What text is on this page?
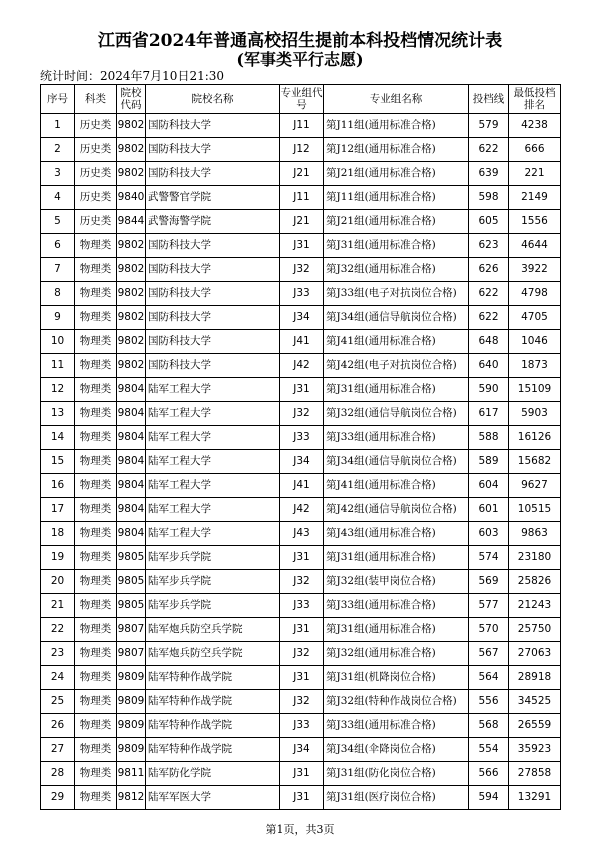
江西省2024年普通高校招生提前本科投档情况统计表
(军事类平行志愿)
统计时间：2024年7月10日21:30
序号	科类	院校代码	院校名称	专业组代号	专业组名称	投档线	最低投档排名
1	历史类	9802	国防科技大学	J11	第J11组(通用标准合格)	579	4238
2	历史类	9802	国防科技大学	J12	第J12组(通用标准合格)	622	666
3	历史类	9802	国防科技大学	J21	第J21组(通用标准合格)	639	221
4	历史类	9840	武警警官学院	J11	第J11组(通用标准合格)	598	2149
5	历史类	9844	武警海警学院	J21	第J21组(通用标准合格)	605	1556
6	物理类	9802	国防科技大学	J31	第J31组(通用标准合格)	623	4644
7	物理类	9802	国防科技大学	J32	第J32组(通用标准合格)	626	3922
8	物理类	9802	国防科技大学	J33	第J33组(电子对抗岗位合格)	622	4798
9	物理类	9802	国防科技大学	J34	第J34组(通信导航岗位合格)	622	4705
10	物理类	9802	国防科技大学	J41	第J41组(通用标准合格)	648	1046
11	物理类	9802	国防科技大学	J42	第J42组(电子对抗岗位合格)	640	1873
12	物理类	9804	陆军工程大学	J31	第J31组(通用标准合格)	590	15109
13	物理类	9804	陆军工程大学	J32	第J32组(通信导航岗位合格)	617	5903
14	物理类	9804	陆军工程大学	J33	第J33组(通用标准合格)	588	16126
15	物理类	9804	陆军工程大学	J34	第J34组(通信导航岗位合格)	589	15682
16	物理类	9804	陆军工程大学	J41	第J41组(通用标准合格)	604	9627
17	物理类	9804	陆军工程大学	J42	第J42组(通信导航岗位合格)	601	10515
18	物理类	9804	陆军工程大学	J43	第J43组(通用标准合格)	603	9863
19	物理类	9805	陆军步兵学院	J31	第J31组(通用标准合格)	574	23180
20	物理类	9805	陆军步兵学院	J32	第J32组(装甲岗位合格)	569	25826
21	物理类	9805	陆军步兵学院	J33	第J33组(通用标准合格)	577	21243
22	物理类	9807	陆军炮兵防空兵学院	J31	第J31组(通用标准合格)	570	25750
23	物理类	9807	陆军炮兵防空兵学院	J32	第J32组(通用标准合格)	567	27063
24	物理类	9809	陆军特种作战学院	J31	第J31组(机降岗位合格)	564	28918
25	物理类	9809	陆军特种作战学院	J32	第J32组(特种作战岗位合格)	556	34525
26	物理类	9809	陆军特种作战学院	J33	第J33组(通用标准合格)	568	26559
27	物理类	9809	陆军特种作战学院	J34	第J34组(伞降岗位合格)	554	35923
28	物理类	9811	陆军防化学院	J31	第J31组(防化岗位合格)	566	27858
29	物理类	9812	陆军军医大学	J31	第J31组(医疗岗位合格)	594	13291
第1页，共3页
